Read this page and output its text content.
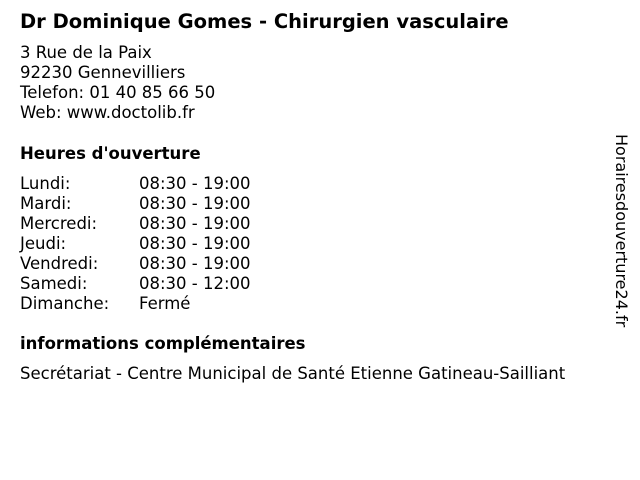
Dr Dominique Gomes - Chirurgien vasculaire
3 Rue de la Paix
92230 Gennevilliers
Telefon: 01 40 85 66 50
Web: www.doctolib.fr
Heures d'ouverture
Lundi:	08:30 - 19:00
Mardi:	08:30 - 19:00
Mercredi:	08:30 - 19:00
Jeudi:	08:30 - 19:00
Vendredi: 08:30 - 19:00
Samedi:	08:30 - 12:00
Dimanche: Fermé
informations complémentaires
Secrétariat - Centre Municipal de Santé Etienne Gatineau-Sailliant
Horairesdouverture24.fr
